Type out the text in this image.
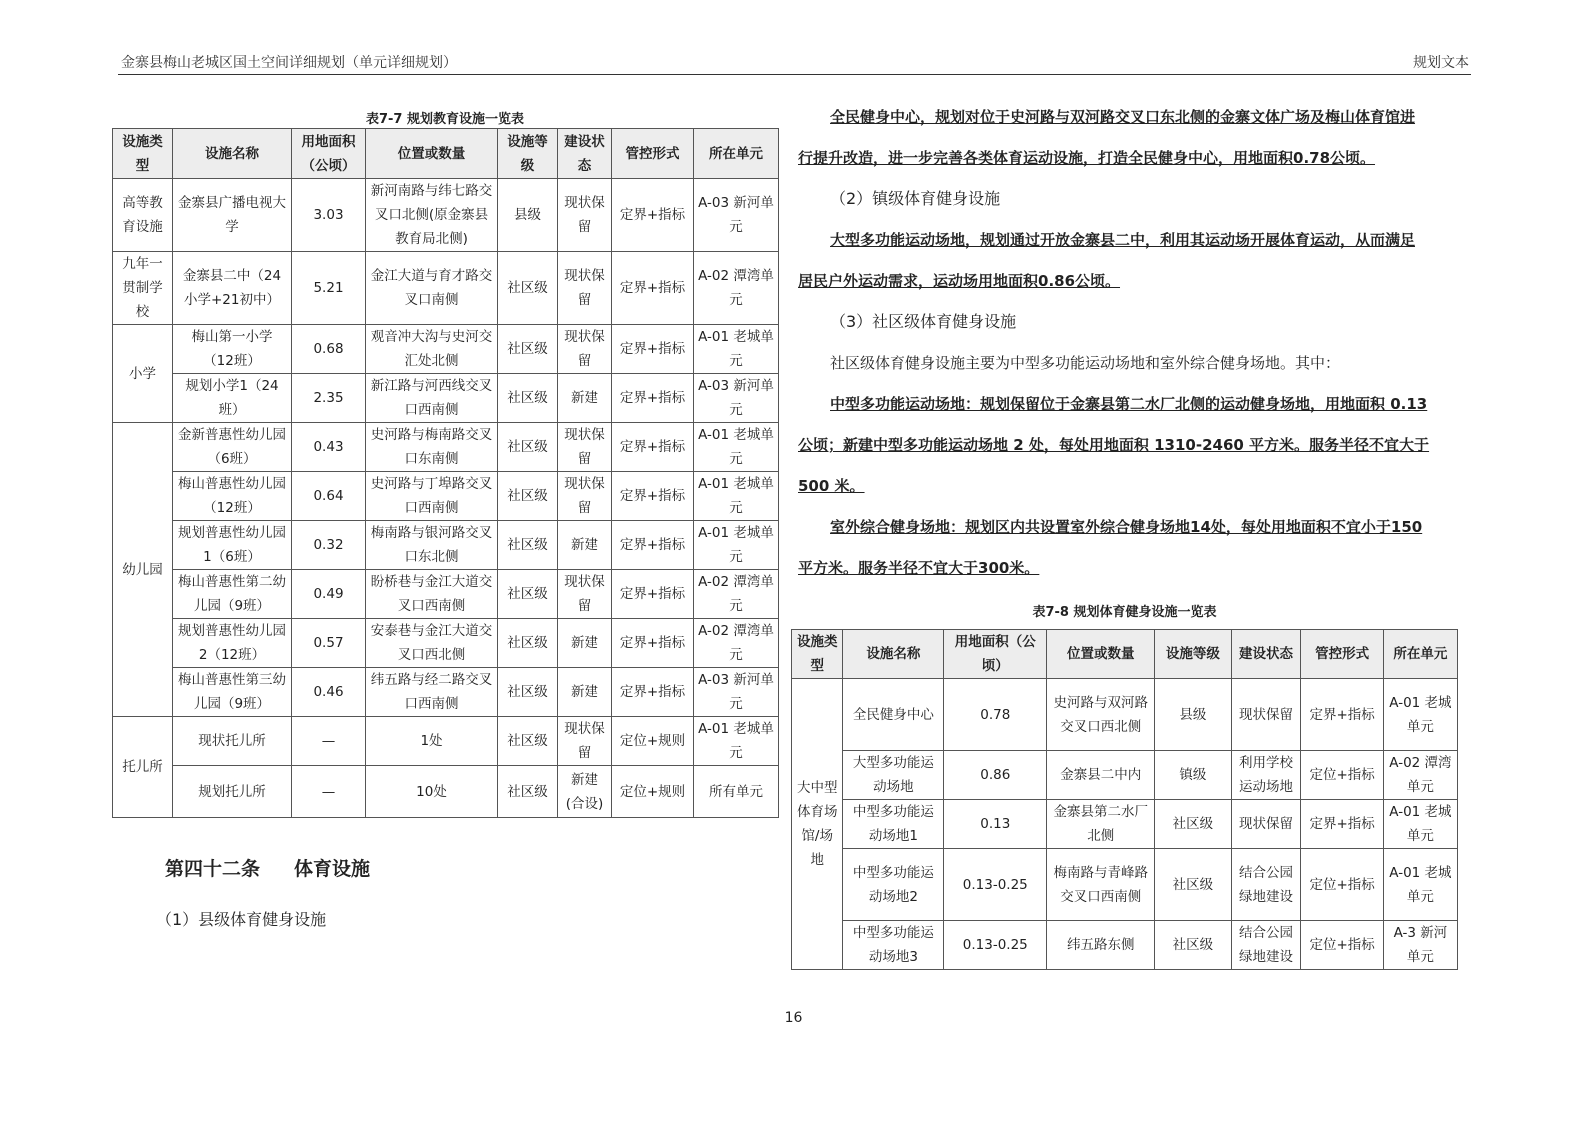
金寨县梅山老城区国土空间详细规划（单元详细规划）	规划文本
表7-7 规划教育设施一览表
设施类型	设施名称	用地面积（公顷）	位置或数量	设施等级	建设状态	管控形式	所在单元
高等教育设施	金寨县广播电视大学	3.03	新河南路与纬七路交叉口北侧(原金寨县教育局北侧)	县级	现状保留	定界+指标	A-03 新河单元
九年一贯制学校	金寨县二中（24小学+21初中）	5.21	金江大道与育才路交叉口南侧	社区级	现状保留	定界+指标	A-02 潭湾单元
小学	梅山第一小学（12班）	0.68	观音冲大沟与史河交汇处北侧	社区级	现状保留	定界+指标	A-01 老城单元
	规划小学1（24班）	2.35	新江路与河西线交叉口西南侧	社区级	新建	定界+指标	A-03 新河单元
幼儿园	金新普惠性幼儿园（6班）	0.43	史河路与梅南路交叉口东南侧	社区级	现状保留	定界+指标	A-01 老城单元
	梅山普惠性幼儿园（12班）	0.64	史河路与丁埠路交叉口西南侧	社区级	现状保留	定界+指标	A-01 老城单元
	规划普惠性幼儿园1（6班）	0.32	梅南路与银河路交叉口东北侧	社区级	新建	定界+指标	A-01 老城单元
	梅山普惠性第二幼儿园（9班）	0.49	盼桥巷与金江大道交叉口西南侧	社区级	现状保留	定界+指标	A-02 潭湾单元
	规划普惠性幼儿园2（12班）	0.57	安泰巷与金江大道交叉口西北侧	社区级	新建	定界+指标	A-02 潭湾单元
	梅山普惠性第三幼儿园（9班）	0.46	纬五路与经二路交叉口西南侧	社区级	新建	定界+指标	A-03 新河单元
托儿所	现状托儿所	—	1处	社区级	现状保留	定位+规则	A-01 老城单元
	规划托儿所	—	10处	社区级	新建(合设)	定位+规则	所有单元
第四十二条 体育设施
（1）县级体育健身设施
全民健身中心，规划对位于史河路与双河路交叉口东北侧的金寨文体广场及梅山体育馆进
行提升改造，进一步完善各类体育运动设施，打造全民健身中心，用地面积0.78公顷。
（2）镇级体育健身设施
大型多功能运动场地，规划通过开放金寨县二中，利用其运动场开展体育运动，从而满足
居民户外运动需求，运动场用地面积0.86公顷。
（3）社区级体育健身设施
社区级体育健身设施主要为中型多功能运动场地和室外综合健身场地。其中：
中型多功能运动场地：规划保留位于金寨县第二水厂北侧的运动健身场地，用地面积 0.13
公顷；新建中型多功能运动场地 2 处，每处用地面积 1310-2460 平方米。服务半径不宜大于
500 米。
室外综合健身场地：规划区内共设置室外综合健身场地14处，每处用地面积不宜小于150
平方米。服务半径不宜大于300米。
表7-8 规划体育健身设施一览表
设施类型	设施名称	用地面积（公顷）	位置或数量	设施等级	建设状态	管控形式	所在单元
大中型体育场馆/场地	全民健身中心	0.78	史河路与双河路交叉口西北侧	县级	现状保留	定界+指标	A-01 老城单元
	大型多功能运动场地	0.86	金寨县二中内	镇级	利用学校运动场地	定位+指标	A-02 潭湾单元
	中型多功能运动场地1	0.13	金寨县第二水厂北侧	社区级	现状保留	定界+指标	A-01 老城单元
	中型多功能运动场地2	0.13-0.25	梅南路与青峰路交叉口西南侧	社区级	结合公园绿地建设	定位+指标	A-01 老城单元
	中型多功能运动场地3	0.13-0.25	纬五路东侧	社区级	结合公园绿地建设	定位+指标	A-3 新河单元
16
